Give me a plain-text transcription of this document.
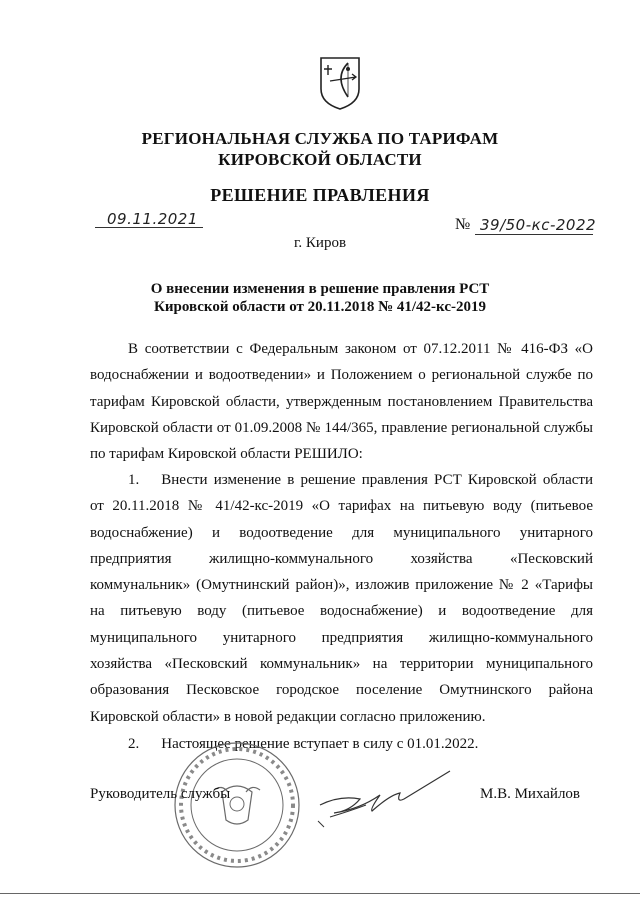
РЕГИОНАЛЬНАЯ СЛУЖБА ПО ТАРИФАМ
КИРОВСКОЙ ОБЛАСТИ
РЕШЕНИЕ ПРАВЛЕНИЯ
09.11.2021	№ 39/50-кс-2022
г. Киров
О внесении изменения в решение правления РСТ
Кировской области от 20.11.2018 № 41/42-кс-2019
В соответствии с Федеральным законом от 07.12.2011 № 416-ФЗ «О водоснабжении и водоотведении» и Положением о региональной службе по тарифам Кировской области, утвержденным постановлением Правительства Кировской области от 01.09.2008 № 144/365, правление региональной службы по тарифам Кировской области РЕШИЛО:
1. Внести изменение в решение правления РСТ Кировской области от 20.11.2018 № 41/42-кс-2019 «О тарифах на питьевую воду (питьевое водоснабжение) и водоотведение для муниципального унитарного предприятия жилищно-коммунального хозяйства «Песковский коммунальник» (Омутнинский район)», изложив приложение № 2 «Тарифы на питьевую воду (питьевое водоснабжение) и водоотведение для муниципального унитарного предприятия жилищно-коммунального хозяйства «Песковский коммунальник» на территории муниципального образования Песковское городское поселение Омутнинского района Кировской области» в новой редакции согласно приложению.
2. Настоящее решение вступает в силу с 01.01.2022.
Руководитель службы	М.В. Михайлов
